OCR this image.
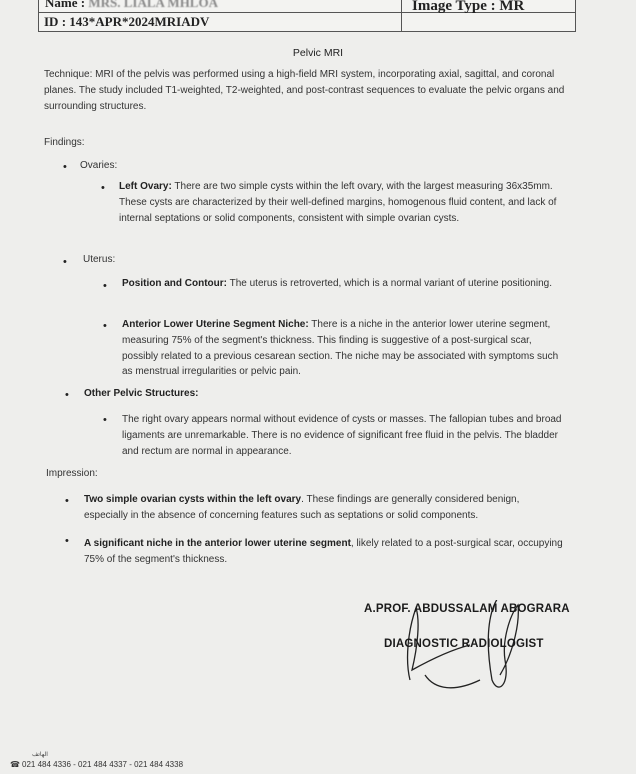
Name : MRS. LIALA MHLOA
ID : 143*APR*2024MRIADV
Image Type : MR
Pelvic MRI
Technique: MRI of the pelvis was performed using a high-field MRI system, incorporating axial, sagittal, and coronal planes. The study included T1-weighted, T2-weighted, and post-contrast sequences to evaluate the pelvic organs and surrounding structures.
Findings:
• Ovaries:
• Left Ovary: There are two simple cysts within the left ovary, with the largest measuring 36x35mm. These cysts are characterized by their well-defined margins, homogenous fluid content, and lack of internal septations or solid components, consistent with simple ovarian cysts.
• Uterus:
• Position and Contour: The uterus is retroverted, which is a normal variant of uterine positioning.
• Anterior Lower Uterine Segment Niche: There is a niche in the anterior lower uterine segment, measuring 75% of the segment's thickness. This finding is suggestive of a post-surgical scar, possibly related to a previous cesarean section. The niche may be associated with symptoms such as menstrual irregularities or pelvic pain.
• Other Pelvic Structures:
• The right ovary appears normal without evidence of cysts or masses. The fallopian tubes and broad ligaments are unremarkable. There is no evidence of significant free fluid in the pelvis. The bladder and rectum are normal in appearance.
Impression:
• Two simple ovarian cysts within the left ovary. These findings are generally considered benign, especially in the absence of concerning features such as septations or solid components.
• A significant niche in the anterior lower uterine segment, likely related to a post-surgical scar, occupying 75% of the segment's thickness.
A.PROF. ABDUSSALAM ABOGRARA
DIAGNOSTIC RADIOLOGIST
الهاتف
☎ 021 484 4336 - 021 484 4337 - 021 484 4338
